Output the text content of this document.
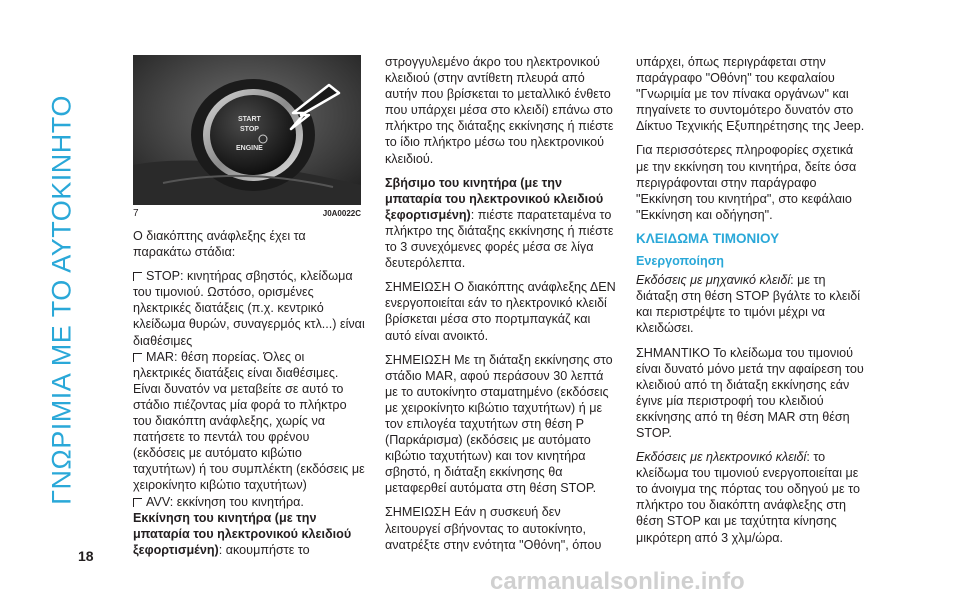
ΓΝΩΡΙΜΙΑ ΜΕ ΤΟ ΑΥΤΟΚΙΝΗΤΟ	START
STOP
ENGINE
7	J0A0022C

Ο διακόπτης ανάφλεξης έχει τα παρακάτω στάδια:

STOP: κινητήρας σβηστός, κλείδωμα του τιμονιού. Ωστόσο, ορισμένες ηλεκτρικές διατάξεις (π.χ. κεντρικό κλείδωμα θυρών, συναγερμός κτλ...) είναι διαθέσιμες

MAR: θέση πορείας. Όλες οι ηλεκτρικές διατάξεις είναι διαθέσιμες. Είναι δυνατόν να μεταβείτε σε αυτό το στάδιο πιέζοντας μία φορά το πλήκτρο του διακόπτη ανάφλεξης, χωρίς να πατήσετε το πεντάλ του φρένου (εκδόσεις με αυτόματο κιβώτιο ταχυτήτων) ή του συμπλέκτη (εκδόσεις με χειροκίνητο κιβώτιο ταχυτήτων)

AVV: εκκίνηση του κινητήρα.

Εκκίνηση του κινητήρα (με την μπαταρία του ηλεκτρονικού κλειδιού ξεφορτισμένη): ακουμπήστε το

στρογγυλεμένο άκρο του ηλεκτρονικού κλειδιού (στην αντίθετη πλευρά από αυτήν που βρίσκεται το μεταλλικό ένθετο που υπάρχει μέσα στο κλειδί) επάνω στο πλήκτρο της διάταξης εκκίνησης ή πιέστε το ίδιο πλήκτρο μέσω του ηλεκτρονικού κλειδιού.

Σβήσιμο του κινητήρα (με την μπαταρία του ηλεκτρονικού κλειδιού ξεφορτισμένη): πιέστε παρατεταμένα το πλήκτρο της διάταξης εκκίνησης ή πιέστε το 3 συνεχόμενες φορές μέσα σε λίγα δευτερόλεπτα.

ΣΗΜΕΙΩΣΗ Ο διακόπτης ανάφλεξης ΔΕΝ ενεργοποιείται εάν το ηλεκτρονικό κλειδί βρίσκεται μέσα στο πορτμπαγκάζ και αυτό είναι ανοικτό.

ΣΗΜΕΙΩΣΗ Με τη διάταξη εκκίνησης στο στάδιο MAR, αφού περάσουν 30 λεπτά με το αυτοκίνητο σταματημένο (εκδόσεις με χειροκίνητο κιβώτιο ταχυτήτων) ή με τον επιλογέα ταχυτήτων στη θέση P (Παρκάρισμα) (εκδόσεις με αυτόματο κιβώτιο ταχυτήτων) και τον κινητήρα σβηστό, η διάταξη εκκίνησης θα μεταφερθεί αυτόματα στη θέση STOP.

ΣΗΜΕΙΩΣΗ Εάν η συσκευή δεν λειτουργεί σβήνοντας το αυτοκίνητο, ανατρέξτε στην ενότητα "Οθόνη", όπου

υπάρχει, όπως περιγράφεται στην παράγραφο "Οθόνη" του κεφαλαίου "Γνωριμία με τον πίνακα οργάνων" και πηγαίνετε το συντομότερο δυνατόν στο Δίκτυο Τεχνικής Εξυπηρέτησης της Jeep.

Για περισσότερες πληροφορίες σχετικά με την εκκίνηση του κινητήρα, δείτε όσα περιγράφονται στην παράγραφο "Εκκίνηση του κινητήρα", στο κεφάλαιο "Εκκίνηση και οδήγηση".

ΚΛΕΙΔΩΜΑ ΤΙΜΟΝΙΟΥ
Ενεργοποίηση

Εκδόσεις με μηχανικό κλειδί: με τη διάταξη στη θέση STOP βγάλτε το κλειδί και περιστρέψτε το τιμόνι μέχρι να κλειδώσει.

ΣΗΜΑΝΤΙΚΟ Το κλείδωμα του τιμονιού είναι δυνατό μόνο μετά την αφαίρεση του κλειδιού από τη διάταξη εκκίνησης εάν έγινε μία περιστροφή του κλειδιού εκκίνησης από τη θέση MAR στη θέση STOP.

Εκδόσεις με ηλεκτρονικό κλειδί: το κλείδωμα του τιμονιού ενεργοποιείται με το άνοιγμα της πόρτας του οδηγού με το πλήκτρο του διακόπτη ανάφλεξης στη θέση STOP και με ταχύτητα κίνησης μικρότερη από 3 χλμ/ώρα.

18
carmanualsonline.info
